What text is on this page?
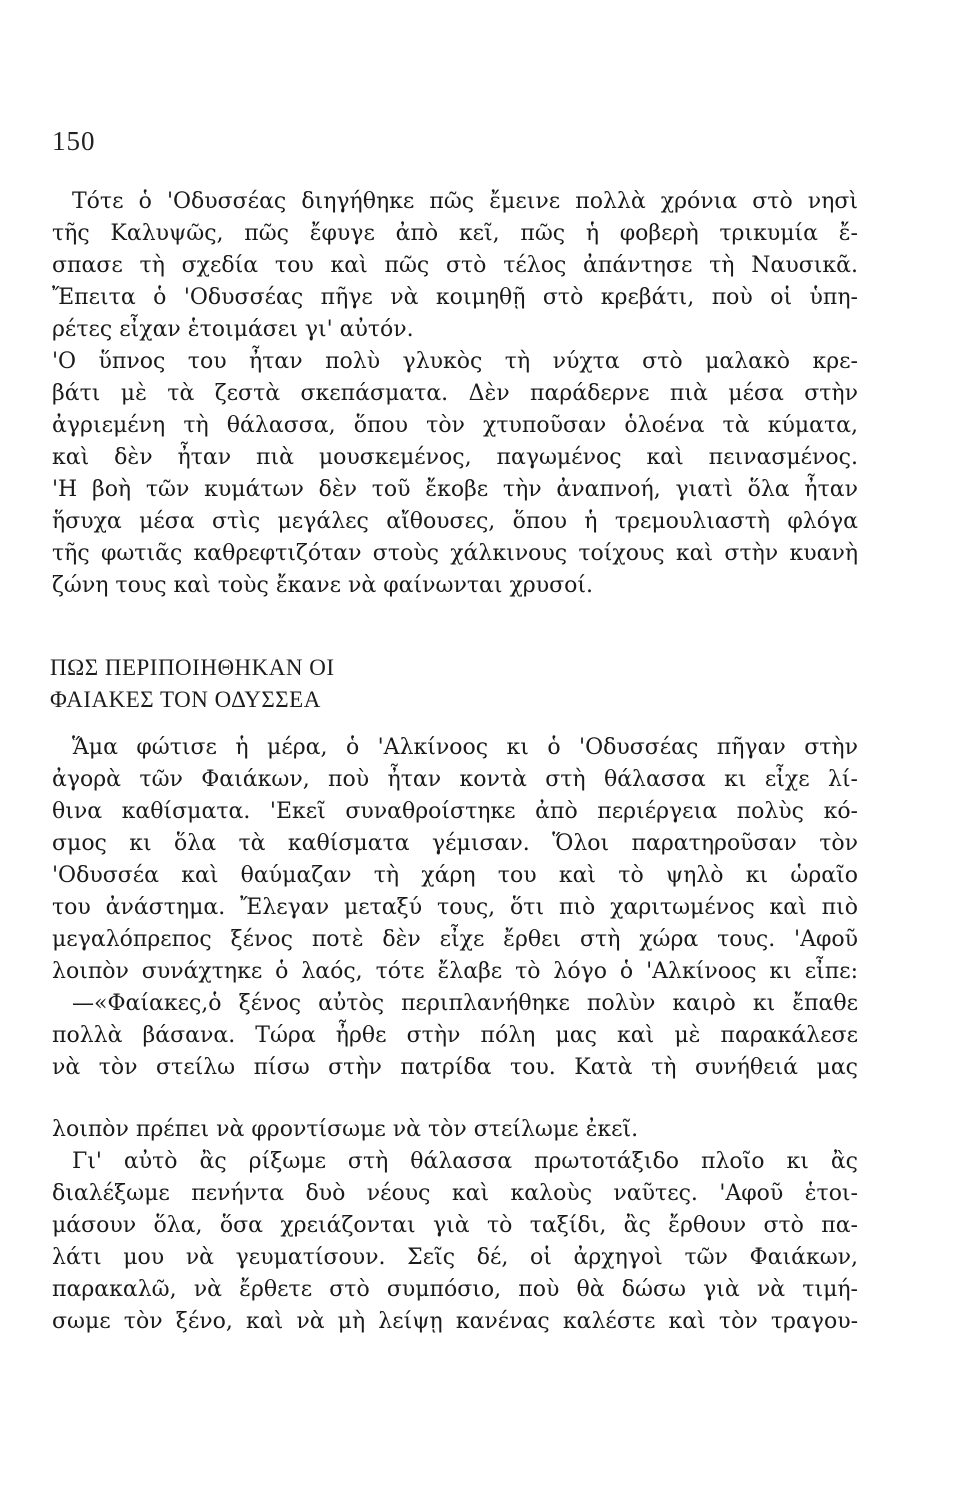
150
Τότε ὁ 'Οδυσσέας διηγήθηκε πῶς ἔμεινε πολλὰ χρόνια στὸ νησὶ
τῆς Καλυψῶς, πῶς ἔφυγε ἀπὸ κεῖ, πῶς ἡ φοβερὴ τρικυμία ἔ-
σπασε τὴ σχεδία του καὶ πῶς στὸ τέλος ἀπάντησε τὴ Ναυσικᾶ.
Ἔπειτα ὁ 'Οδυσσέας πῆγε νὰ κοιμηθῇ στὸ κρεβάτι, ποὺ οἱ ὑπη-
ρέτες εἶχαν ἑτοιμάσει γι' αὐτόν.
'Ο ὕπνος του ἦταν πολὺ γλυκὸς τὴ νύχτα στὸ μαλακὸ κρε-
βάτι μὲ τὰ ζεστὰ σκεπάσματα. Δὲν παράδερνε πιὰ μέσα στὴν
ἀγριεμένη τὴ θάλασσα, ὅπου τὸν χτυποῦσαν ὁλοένα τὰ κύματα,
καὶ δὲν ἦταν πιὰ μουσκεμένος, παγωμένος καὶ πεινασμένος.
'Η βοὴ τῶν κυμάτων δὲν τοῦ ἔκοβε τὴν ἀναπνοή, γιατὶ ὅλα ἦταν
ἥσυχα μέσα στὶς μεγάλες αἴθουσες, ὅπου ἡ τρεμουλιαστὴ φλόγα
τῆς φωτιᾶς καθρεφτιζόταν στοὺς χάλκινους τοίχους καὶ στὴν κυανὴ
ζώνη τους καὶ τοὺς ἔκανε νὰ φαίνωνται χρυσοί.
ΠΩΣ ΠΕΡΙΠΟΙΗΘΗΚΑΝ ΟΙ
ΦΑΙΑΚΕΣ ΤΟΝ ΟΔΥΣΣΕΑ
Ἅμα φώτισε ἡ μέρα, ὁ 'Αλκίνοος κι ὁ 'Οδυσσέας πῆγαν στὴν
ἀγορὰ τῶν Φαιάκων, ποὺ ἦταν κοντὰ στὴ θάλασσα κι εἶχε λί-
θινα καθίσματα. 'Εκεῖ συναθροίστηκε ἀπὸ περιέργεια πολὺς κό-
σμος κι ὅλα τὰ καθίσματα γέμισαν. Ὅλοι παρατηροῦσαν τὸν
'Οδυσσέα καὶ θαύμαζαν τὴ χάρη του καὶ τὸ ψηλὸ κι ὡραῖο
του ἀνάστημα. Ἔλεγαν μεταξύ τους, ὅτι πιὸ χαριτωμένος καὶ πιὸ
μεγαλόπρεπος ξένος ποτὲ δὲν εἶχε ἔρθει στὴ χώρα τους. 'Αφοῦ
λοιπὸν συνάχτηκε ὁ λαός, τότε ἔλαβε τὸ λόγο ὁ 'Αλκίνοος κι εἶπε:
—«Φαίακες,ὁ ξένος αὐτὸς περιπλανήθηκε πολὺν καιρὸ κι ἔπαθε
πολλὰ βάσανα. Τώρα ἦρθε στὴν πόλη μας καὶ μὲ παρακάλεσε
νὰ τὸν στείλω πίσω στὴν πατρίδα του. Κατὰ τὴ συνήθειά μας
λοιπὸν πρέπει νὰ φροντίσωμε νὰ τὸν στείλωμε ἐκεῖ.
Γι' αὐτὸ ἂς ρίξωμε στὴ θάλασσα πρωτοτάξιδο πλοῖο κι ἂς
διαλέξωμε πενήντα δυὸ νέους καὶ καλοὺς ναῦτες. 'Αφοῦ ἑτοι-
μάσουν ὅλα, ὅσα χρειάζονται γιὰ τὸ ταξίδι, ἂς ἔρθουν στὸ πα-
λάτι μου νὰ γευματίσουν. Σεῖς δέ, οἱ ἀρχηγοὶ τῶν Φαιάκων,
παρακαλῶ, νὰ ἔρθετε στὸ συμπόσιο, ποὺ θὰ δώσω γιὰ νὰ τιμή-
σωμε τὸν ξένο, καὶ νὰ μὴ λείψῃ κανένας καλέστε καὶ τὸν τραγου-
